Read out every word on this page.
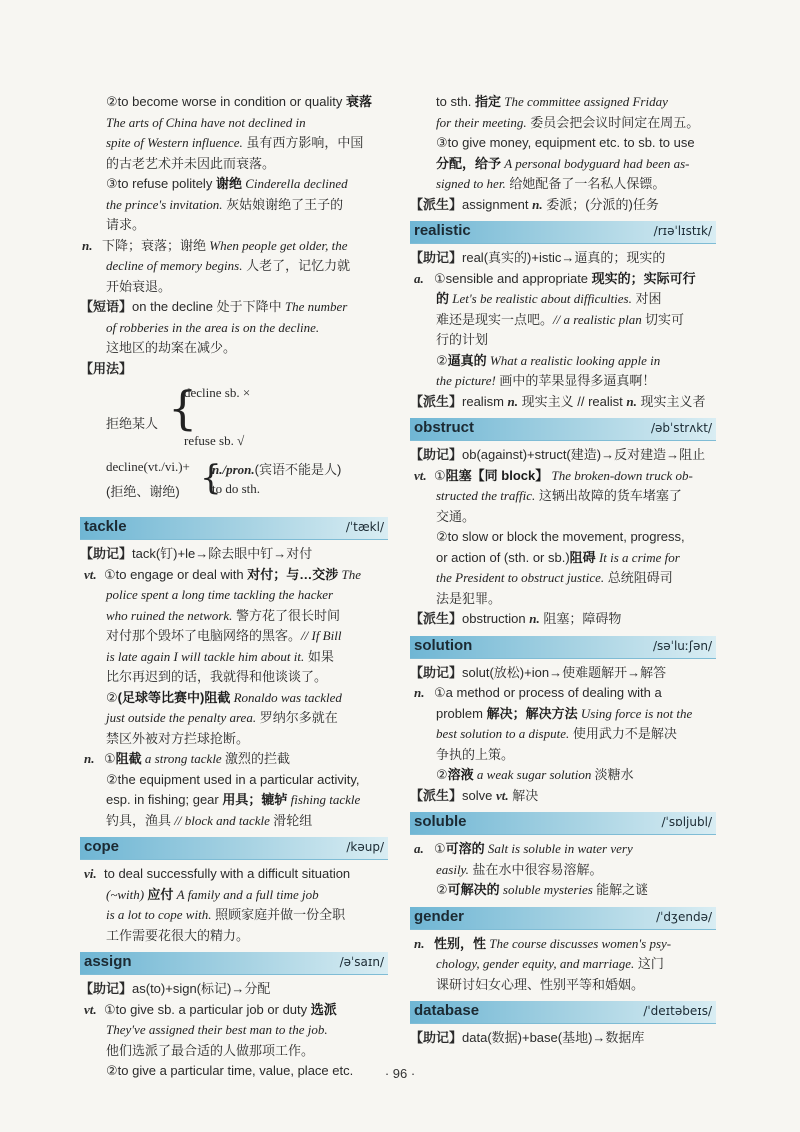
②to become worse in condition or quality 衰落
The arts of China have not declined in
spite of Western influence. 虽有西方影响，中国
的古老艺术并未因此而衰落。
③to refuse politely 谢绝 Cinderella declined
the prince's invitation. 灰姑娘谢绝了王子的
请求。
n. 下降；衰落；谢绝 When people get older, the
decline of memory begins. 人老了，记忆力就
开始衰退。
【短语】on the decline 处于下降中 The number
of robberies in the area is on the decline.
这地区的劫案在减少。
【用法】
拒绝某人 {
decline sb. ×
refuse sb. √
decline(vt./vi.)+
(拒绝、谢绝) {
n./pron.(宾语不能是人)
to do sth.
tackle	/ˈtækl/
【助记】tack(钉)+le→除去眼中钉→对付
vt. ①to engage or deal with 对付；与…交涉 The
police spent a long time tackling the hacker
who ruined the network. 警方花了很长时间
对付那个毁坏了电脑网络的黑客。// If Bill
is late again I will tackle him about it. 如果
比尔再迟到的话，我就得和他谈谈了。
②(足球等比赛中)阻截 Ronaldo was tackled
just outside the penalty area. 罗纳尔多就在
禁区外被对方拦球抢断。
n. ①阻截 a strong tackle 激烈的拦截
②the equipment used in a particular activity,
esp. in fishing; gear 用具；辘轳 fishing tackle
钓具，渔具 // block and tackle 滑轮组
cope	/kəup/
vi. to deal successfully with a difficult situation
(~with) 应付 A family and a full time job
is a lot to cope with. 照顾家庭并做一份全职
工作需要花很大的精力。
assign	/əˈsaɪn/
【助记】as(to)+sign(标记)→分配
vt. ①to give sb. a particular job or duty 选派
They've assigned their best man to the job.
他们选派了最合适的人做那项工作。
②to give a particular time, value, place etc.
to sth. 指定 The committee assigned Friday
for their meeting. 委员会把会议时间定在周五。
③to give money, equipment etc. to sb. to use
分配，给予 A personal bodyguard had been as-
signed to her. 给她配备了一名私人保镖。
【派生】assignment n. 委派；(分派的)任务
realistic	/rɪəˈlɪstɪk/
【助记】real(真实的)+istic→逼真的；现实的
a. ①sensible and appropriate 现实的；实际可行
的 Let's be realistic about difficulties. 对困
难还是现实一点吧。// a realistic plan 切实可
行的计划
②逼真的 What a realistic looking apple in
the picture! 画中的苹果显得多逼真啊！
【派生】realism n. 现实主义 // realist n. 现实主义者
obstruct	/əbˈstrʌkt/
【助记】ob(against)+struct(建造)→反对建造→阻止
vt. ①阻塞【同 block】 The broken-down truck ob-
structed the traffic. 这辆出故障的货车堵塞了
交通。
②to slow or block the movement, progress,
or action of (sth. or sb.)阻碍 It is a crime for
the President to obstruct justice. 总统阻碍司
法是犯罪。
【派生】obstruction n. 阻塞；障碍物
solution	/səˈluːʃən/
【助记】solut(放松)+ion→使难题解开→解答
n. ①a method or process of dealing with a
problem 解决；解决方法 Using force is not the
best solution to a dispute. 使用武力不是解决
争执的上策。
②溶液 a weak sugar solution 淡糖水
【派生】solve vt. 解决
soluble	/ˈsɒljubl/
a. ①可溶的 Salt is soluble in water very
easily. 盐在水中很容易溶解。
②可解决的 soluble mysteries 能解之谜
gender	/ˈdʒendə/
n. 性别，性 The course discusses women's psy-
chology, gender equity, and marriage. 这门
课研讨妇女心理、性别平等和婚姻。
database	/ˈdeɪtəbeɪs/
【助记】data(数据)+base(基地)→数据库
· 96 ·
